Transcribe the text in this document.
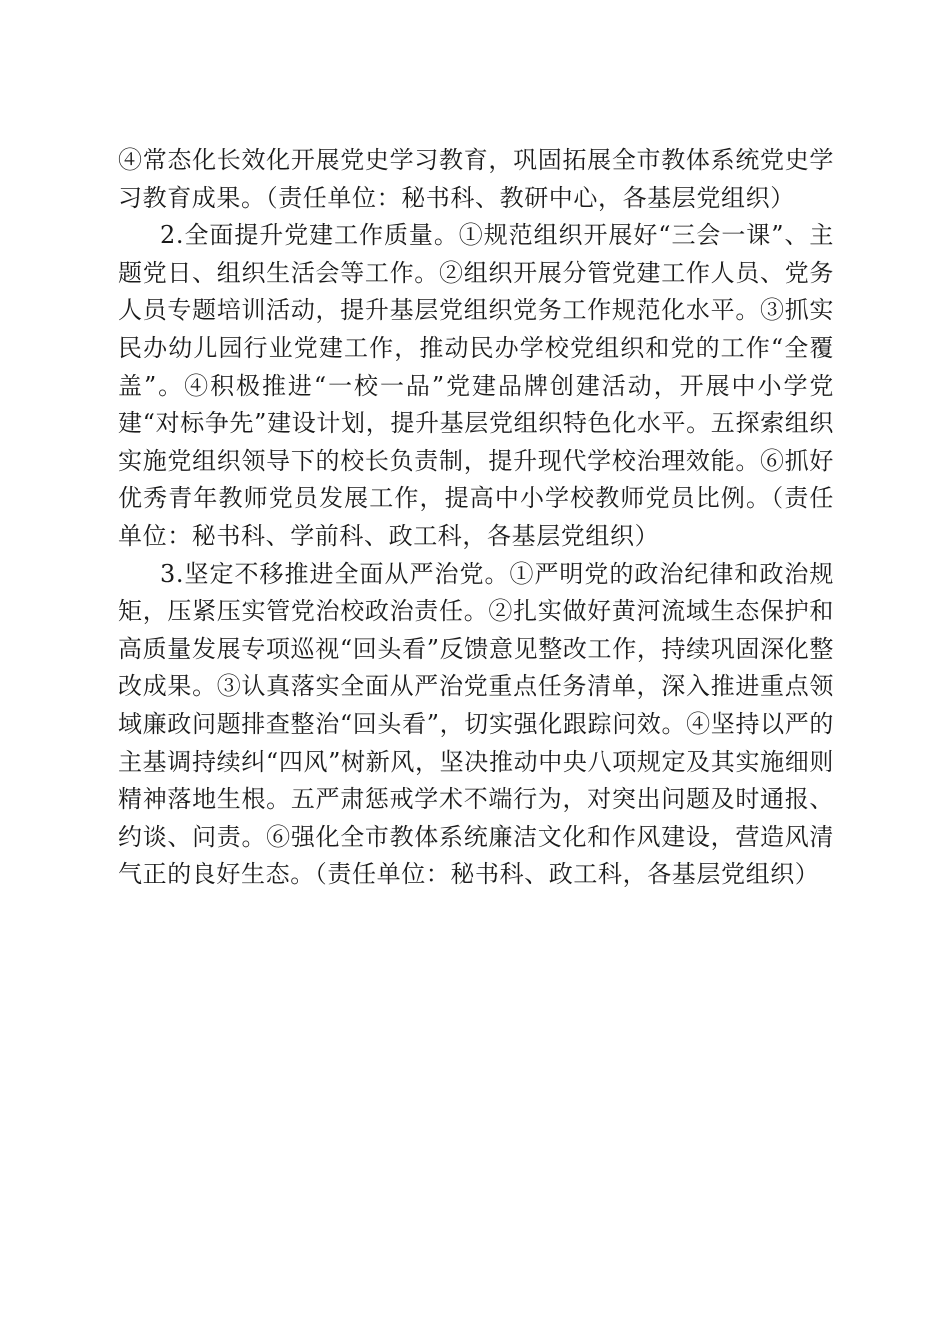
④常态化长效化开展党史学习教育，巩固拓展全市教体系统党史学习教育成果。（责任单位：秘书科、教研中心，各基层党组织）

2.全面提升党建工作质量。①规范组织开展好“三会一课”、主题党日、组织生活会等工作。②组织开展分管党建工作人员、党务人员专题培训活动，提升基层党组织党务工作规范化水平。③抓实民办幼儿园行业党建工作，推动民办学校党组织和党的工作“全覆盖”。④积极推进“一校一品”党建品牌创建活动，开展中小学党建“对标争先”建设计划，提升基层党组织特色化水平。五探索组织实施党组织领导下的校长负责制，提升现代学校治理效能。⑥抓好优秀青年教师党员发展工作，提高中小学校教师党员比例。（责任单位：秘书科、学前科、政工科，各基层党组织）

3.坚定不移推进全面从严治党。①严明党的政治纪律和政治规矩，压紧压实管党治校政治责任。②扎实做好黄河流域生态保护和高质量发展专项巡视“回头看”反馈意见整改工作，持续巩固深化整改成果。③认真落实全面从严治党重点任务清单，深入推进重点领域廉政问题排查整治“回头看”，切实强化跟踪问效。④坚持以严的主基调持续纠“四风”树新风，坚决推动中央八项规定及其实施细则精神落地生根。五严肃惩戒学术不端行为，对突出问题及时通报、约谈、问责。⑥强化全市教体系统廉洁文化和作风建设，营造风清气正的良好生态。（责任单位：秘书科、政工科，各基层党组织）
